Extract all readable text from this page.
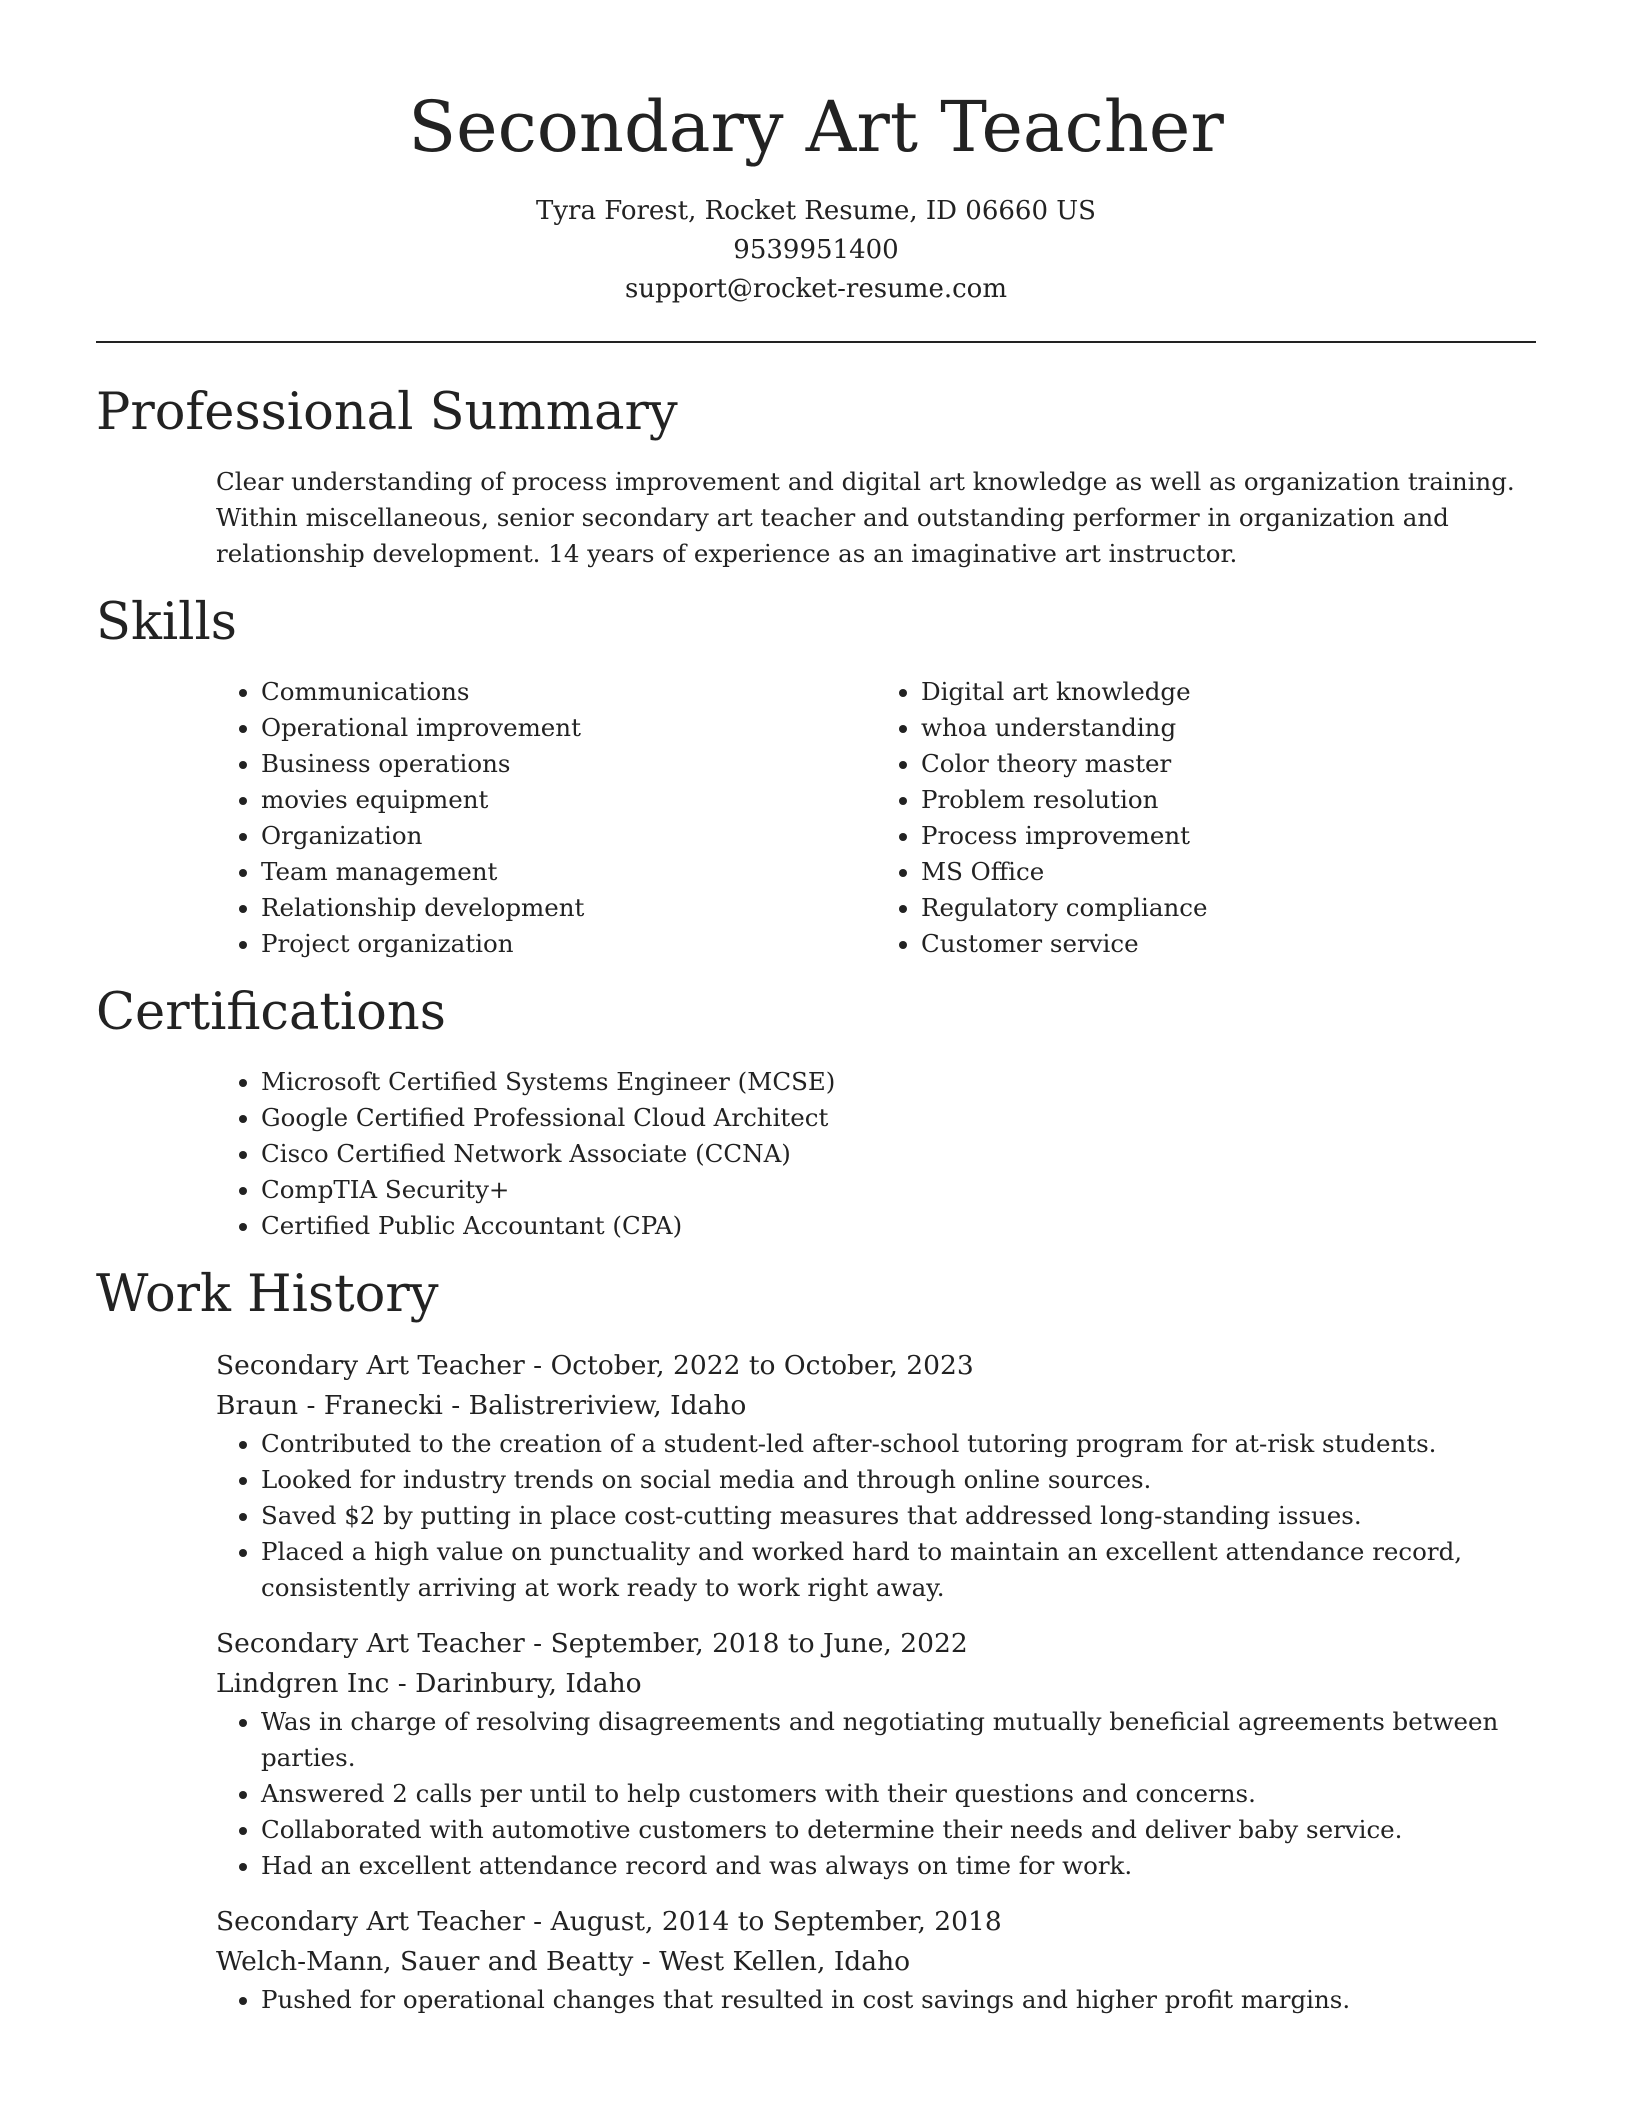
Secondary Art Teacher
Tyra Forest, Rocket Resume, ID 06660 US
9539951400
support@rocket-resume.com
Professional Summary
Clear understanding of process improvement and digital art knowledge as well as organization training. Within miscellaneous, senior secondary art teacher and outstanding performer in organization and relationship development. 14 years of experience as an imaginative art instructor.
Skills
• Communications
• Operational improvement
• Business operations
• movies equipment
• Organization
• Team management
• Relationship development
• Project organization
• Digital art knowledge
• whoa understanding
• Color theory master
• Problem resolution
• Process improvement
• MS Office
• Regulatory compliance
• Customer service
Certifications
• Microsoft Certified Systems Engineer (MCSE)
• Google Certified Professional Cloud Architect
• Cisco Certified Network Associate (CCNA)
• CompTIA Security+
• Certified Public Accountant (CPA)
Work History
Secondary Art Teacher - October, 2022 to October, 2023
Braun - Franecki - Balistreriview, Idaho
• Contributed to the creation of a student-led after-school tutoring program for at-risk students.
• Looked for industry trends on social media and through online sources.
• Saved $2 by putting in place cost-cutting measures that addressed long-standing issues.
• Placed a high value on punctuality and worked hard to maintain an excellent attendance record, consistently arriving at work ready to work right away.
Secondary Art Teacher - September, 2018 to June, 2022
Lindgren Inc - Darinbury, Idaho
• Was in charge of resolving disagreements and negotiating mutually beneficial agreements between parties.
• Answered 2 calls per until to help customers with their questions and concerns.
• Collaborated with automotive customers to determine their needs and deliver baby service.
• Had an excellent attendance record and was always on time for work.
Secondary Art Teacher - August, 2014 to September, 2018
Welch-Mann, Sauer and Beatty - West Kellen, Idaho
• Pushed for operational changes that resulted in cost savings and higher profit margins.
